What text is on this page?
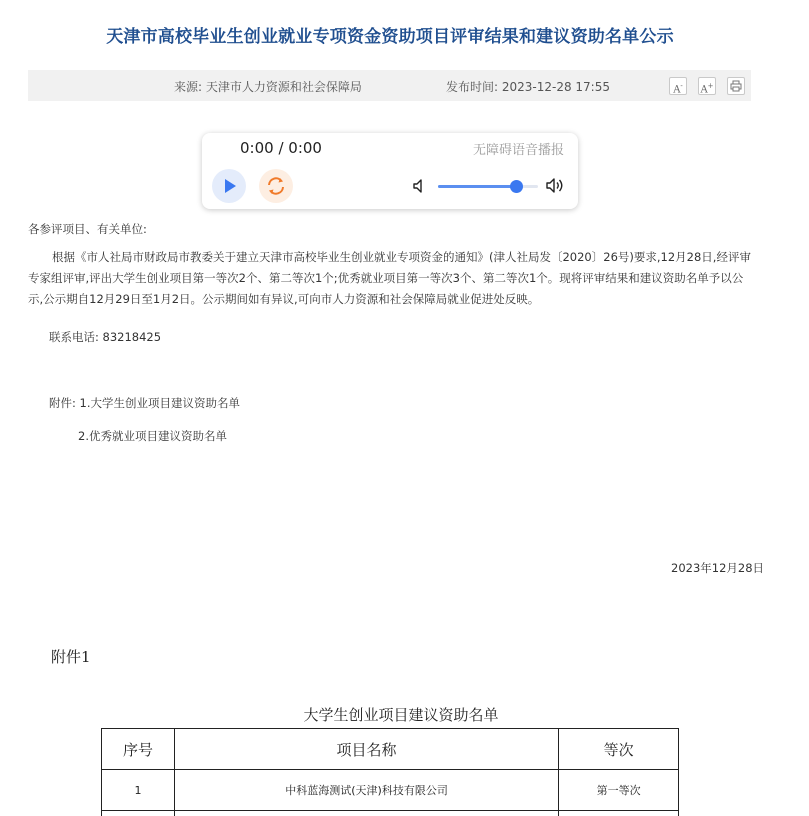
天津市高校毕业生创业就业专项资金资助项目评审结果和建议资助名单公示
来源: 天津市人力资源和社会保障局	发布时间: 2023-12-28 17:55	A-	A+
0:00 / 0:00	无障碍语音播报
各参评项目、有关单位:
根据《市人社局市财政局市教委关于建立天津市高校毕业生创业就业专项资金的通知》(津人社局发〔2020〕26号)要求,12月28日,经评审专家组评审,评出大学生创业项目第一等次2个、第二等次1个;优秀就业项目第一等次3个、第二等次1个。现将评审结果和建议资助名单予以公示,公示期自12月29日至1月2日。公示期间如有异议,可向市人力资源和社会保障局就业促进处反映。
联系电话: 83218425
附件: 1.大学生创业项目建议资助名单
2.优秀就业项目建议资助名单
2023年12月28日
附件1
大学生创业项目建议资助名单
序号	项目名称	等次
1	中科蓝海测试(天津)科技有限公司	第一等次
